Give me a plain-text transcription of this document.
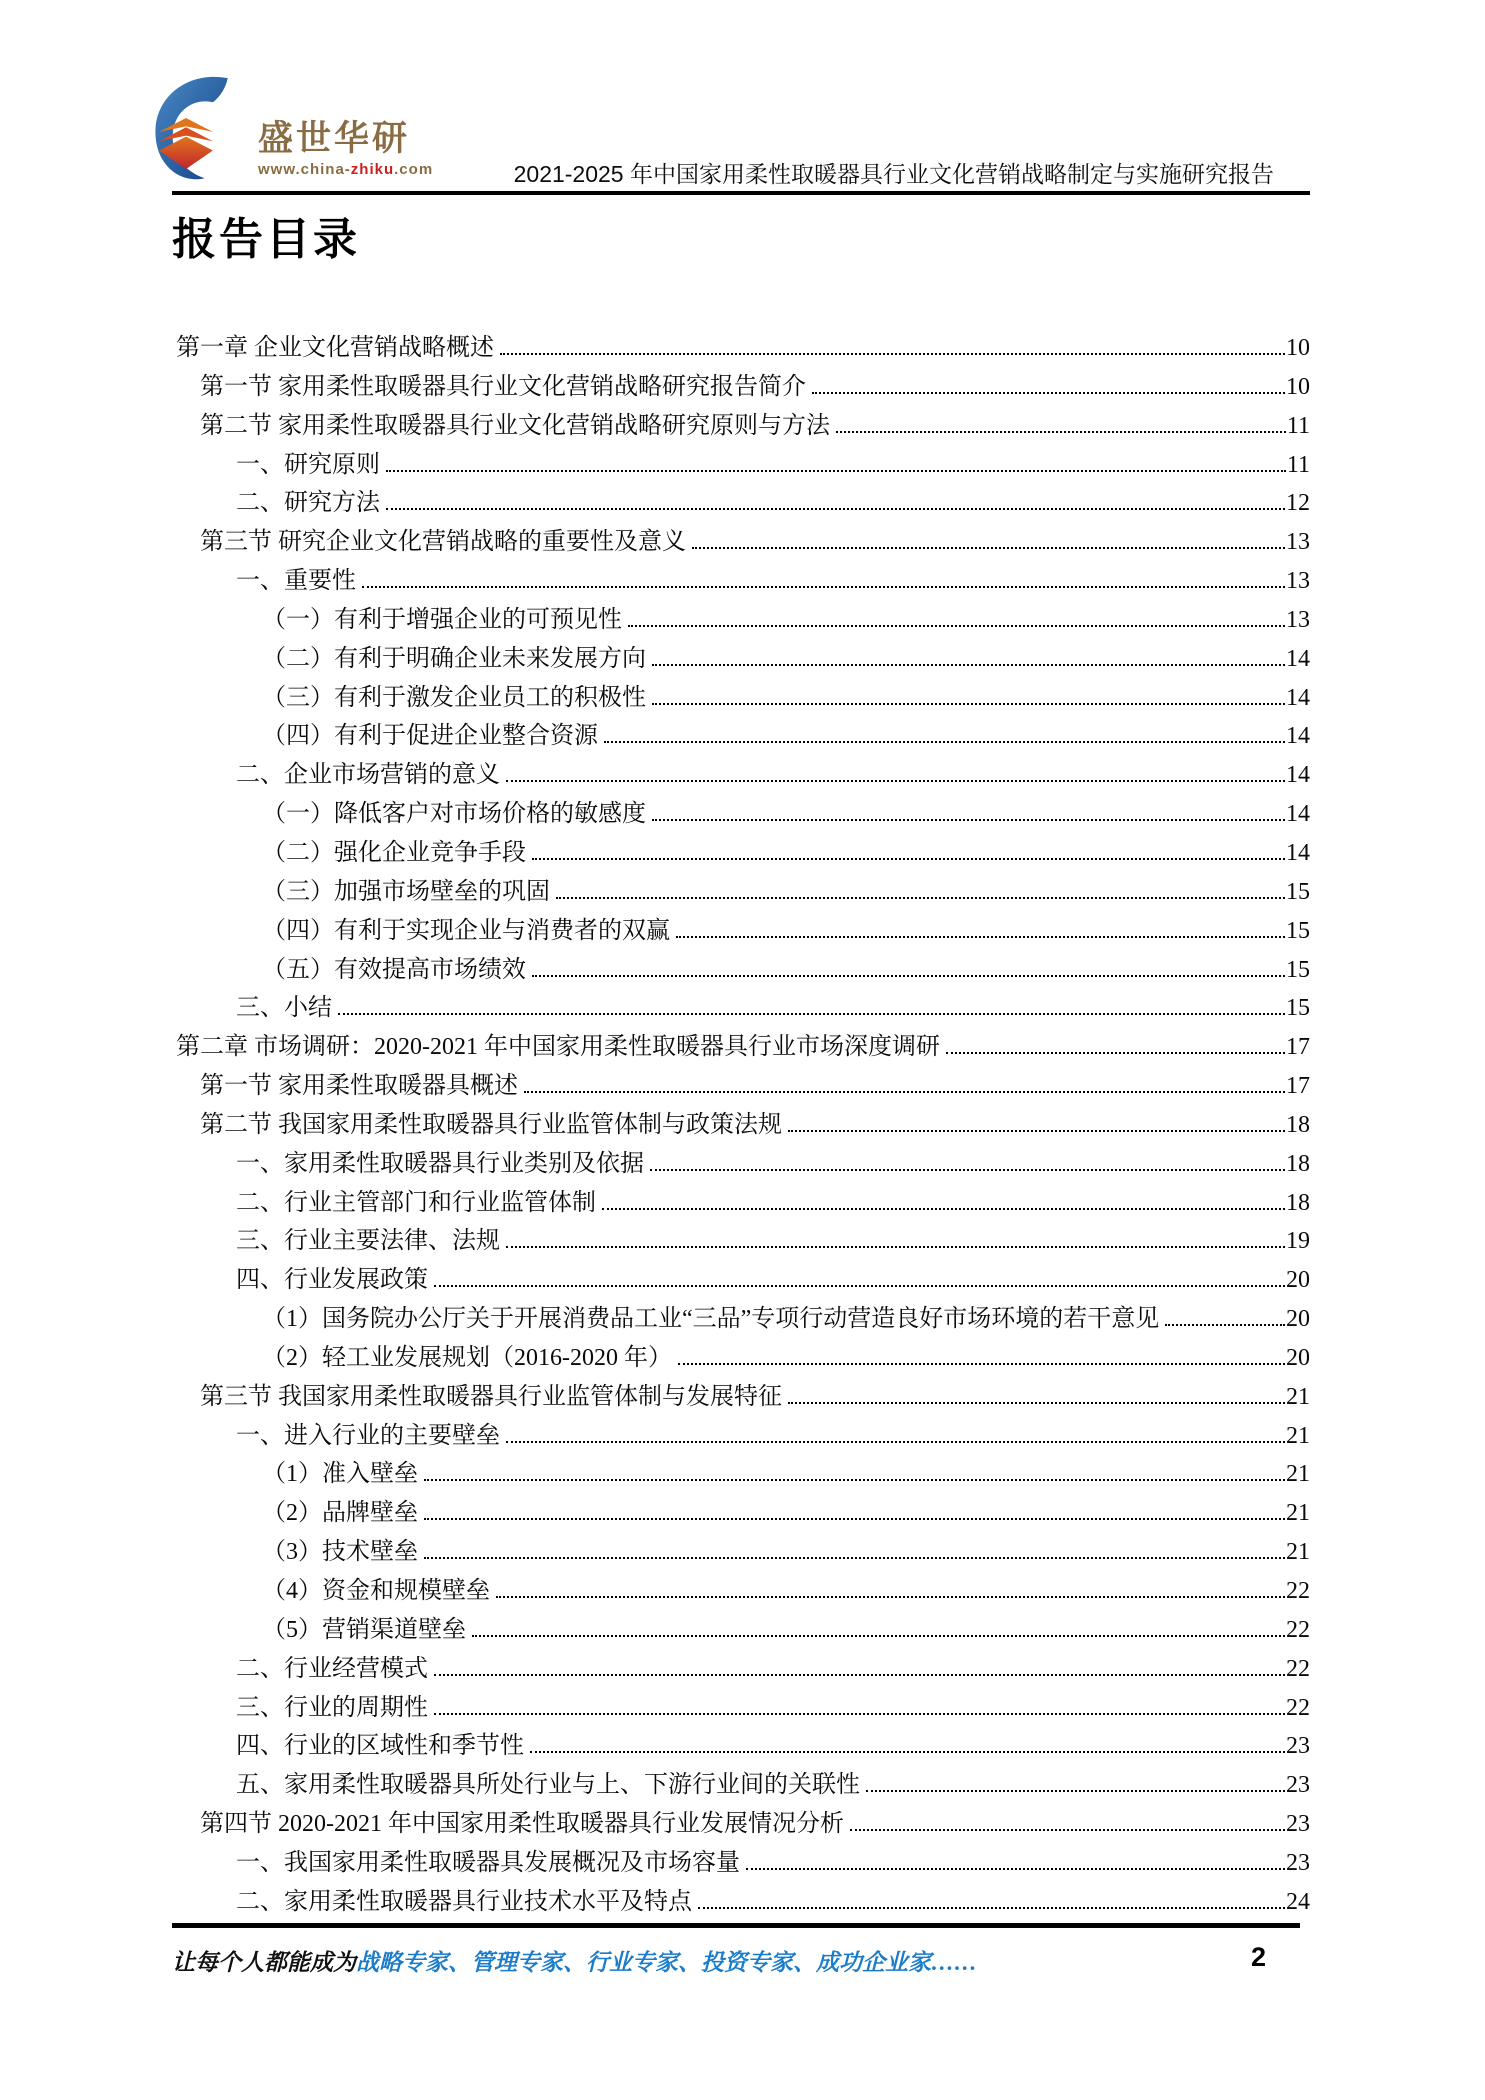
盛世华研
www.china-zhiku.com	2021-2025 年中国家用柔性取暖器具行业文化营销战略制定与实施研究报告
报告目录
第一章 企业文化营销战略概述	10
第一节 家用柔性取暖器具行业文化营销战略研究报告简介	10
第二节 家用柔性取暖器具行业文化营销战略研究原则与方法	11
一、研究原则	11
二、研究方法	12
第三节 研究企业文化营销战略的重要性及意义	13
一、重要性	13
（一）有利于增强企业的可预见性	13
（二）有利于明确企业未来发展方向	14
（三）有利于激发企业员工的积极性	14
（四）有利于促进企业整合资源	14
二、企业市场营销的意义	14
（一）降低客户对市场价格的敏感度	14
（二）强化企业竞争手段	14
（三）加强市场壁垒的巩固	15
（四）有利于实现企业与消费者的双赢	15
（五）有效提高市场绩效	15
三、小结	15
第二章 市场调研：2020-2021 年中国家用柔性取暖器具行业市场深度调研	17
第一节 家用柔性取暖器具概述	17
第二节 我国家用柔性取暖器具行业监管体制与政策法规	18
一、家用柔性取暖器具行业类别及依据	18
二、行业主管部门和行业监管体制	18
三、行业主要法律、法规	19
四、行业发展政策	20
（1）国务院办公厅关于开展消费品工业“三品”专项行动营造良好市场环境的若干意见	20
（2）轻工业发展规划（2016-2020 年）	20
第三节 我国家用柔性取暖器具行业监管体制与发展特征	21
一、进入行业的主要壁垒	21
（1）准入壁垒	21
（2）品牌壁垒	21
（3）技术壁垒	21
（4）资金和规模壁垒	22
（5）营销渠道壁垒	22
二、行业经营模式	22
三、行业的周期性	22
四、行业的区域性和季节性	23
五、家用柔性取暖器具所处行业与上、下游行业间的关联性	23
第四节 2020-2021 年中国家用柔性取暖器具行业发展情况分析	23
一、我国家用柔性取暖器具发展概况及市场容量	23
二、家用柔性取暖器具行业技术水平及特点	24
让每个人都能成为战略专家、管理专家、行业专家、投资专家、成功企业家……	2
